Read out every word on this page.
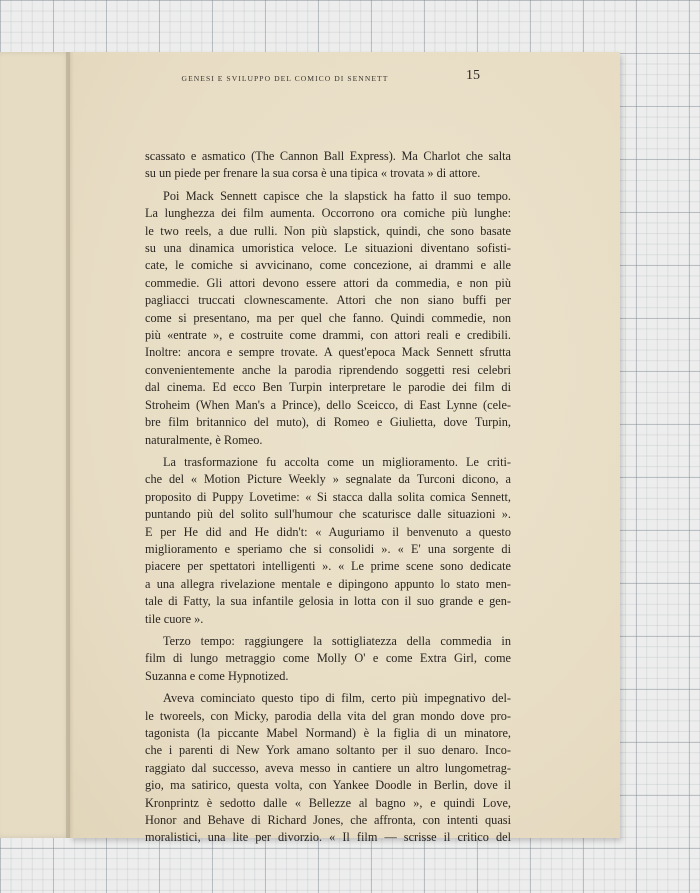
GENESI E SVILUPPO DEL COMICO DI SENNETT	15

scassato e asmatico (The Cannon Ball Express). Ma Charlot che salta
su un piede per frenare la sua corsa è una tipica « trovata » di attore.

Poi Mack Sennett capisce che la slapstick ha fatto il suo tempo.
La lunghezza dei film aumenta. Occorrono ora comiche più lunghe:
le two reels, a due rulli. Non più slapstick, quindi, che sono basate
su una dinamica umoristica veloce. Le situazioni diventano sofisti-
cate, le comiche si avvicinano, come concezione, ai drammi e alle
commedie. Gli attori devono essere attori da commedia, e non più
pagliacci truccati clownescamente. Attori che non siano buffi per
come si presentano, ma per quel che fanno. Quindi commedie, non
più «entrate », e costruite come drammi, con attori reali e credibili.
Inoltre: ancora e sempre trovate. A quest'epoca Mack Sennett sfrutta
convenientemente anche la parodia riprendendo soggetti resi celebri
dal cinema. Ed ecco Ben Turpin interpretare le parodie dei film di
Stroheim (When Man's a Prince), dello Sceicco, di East Lynne (cele-
bre film britannico del muto), di Romeo e Giulietta, dove Turpin,
naturalmente, è Romeo.

La trasformazione fu accolta come un miglioramento. Le criti-
che del « Motion Picture Weekly » segnalate da Turconi dicono, a
proposito di Puppy Lovetime: « Si stacca dalla solita comica Sennett,
puntando più del solito sull'humour che scaturisce dalle situazioni ».
E per He did and He didn't: « Auguriamo il benvenuto a questo
miglioramento e speriamo che si consolidi ». « E' una sorgente di
piacere per spettatori intelligenti ». « Le prime scene sono dedicate
a una allegra rivelazione mentale e dipingono appunto lo stato men-
tale di Fatty, la sua infantile gelosia in lotta con il suo grande e gen-
tile cuore ».

Terzo tempo: raggiungere la sottigliatezza della commedia in
film di lungo metraggio come Molly O' e come Extra Girl, come
Suzanna e come Hypnotized.

Aveva cominciato questo tipo di film, certo più impegnativo del-
le tworeels, con Micky, parodia della vita del gran mondo dove pro-
tagonista (la piccante Mabel Normand) è la figlia di un minatore,
che i parenti di New York amano soltanto per il suo denaro. Inco-
raggiato dal successo, aveva messo in cantiere un altro lungometrag-
gio, ma satirico, questa volta, con Yankee Doodle in Berlin, dove il
Kronprintz è sedotto dalle « Bellezze al bagno », e quindi Love,
Honor and Behave di Richard Jones, che affronta, con intenti quasi
moralistici, una lite per divorzio. « Il film — scrisse il critico del
